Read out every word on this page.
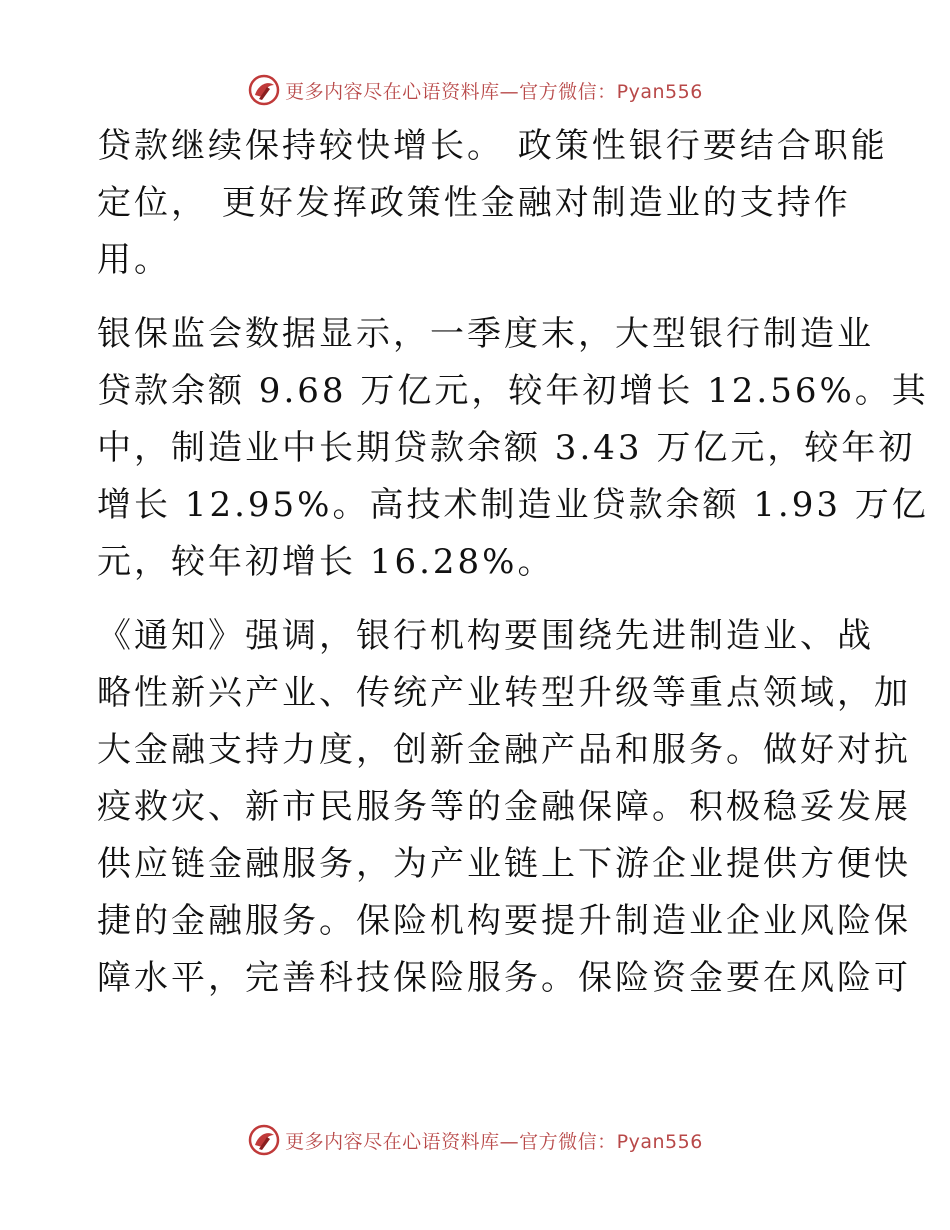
更多内容尽在心语资料库—官方微信：Pyan556

贷款继续保持较快增长。 政策性银行要结合职能
定位， 更好发挥政策性金融对制造业的支持作
用。

银保监会数据显示，一季度末，大型银行制造业
贷款余额 9.68 万亿元，较年初增长 12.56%。其
中，制造业中长期贷款余额 3.43 万亿元，较年初
增长 12.95%。高技术制造业贷款余额 1.93 万亿
元，较年初增长 16.28%。

《通知》强调，银行机构要围绕先进制造业、战
略性新兴产业、传统产业转型升级等重点领域，加
大金融支持力度，创新金融产品和服务。做好对抗
疫救灾、新市民服务等的金融保障。积极稳妥发展
供应链金融服务，为产业链上下游企业提供方便快
捷的金融服务。保险机构要提升制造业企业风险保
障水平，完善科技保险服务。保险资金要在风险可

更多内容尽在心语资料库—官方微信：Pyan556
